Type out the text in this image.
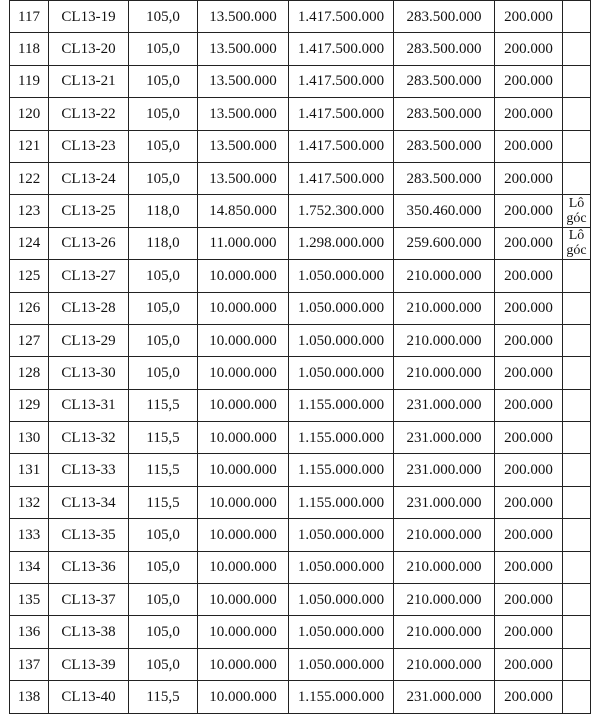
117	CL13-19	105,0	13.500.000	1.417.500.000	283.500.000	200.000	
118	CL13-20	105,0	13.500.000	1.417.500.000	283.500.000	200.000	
119	CL13-21	105,0	13.500.000	1.417.500.000	283.500.000	200.000	
120	CL13-22	105,0	13.500.000	1.417.500.000	283.500.000	200.000	
121	CL13-23	105,0	13.500.000	1.417.500.000	283.500.000	200.000	
122	CL13-24	105,0	13.500.000	1.417.500.000	283.500.000	200.000	
123	CL13-25	118,0	14.850.000	1.752.300.000	350.460.000	200.000	Lô góc
124	CL13-26	118,0	11.000.000	1.298.000.000	259.600.000	200.000	Lô góc
125	CL13-27	105,0	10.000.000	1.050.000.000	210.000.000	200.000	
126	CL13-28	105,0	10.000.000	1.050.000.000	210.000.000	200.000	
127	CL13-29	105,0	10.000.000	1.050.000.000	210.000.000	200.000	
128	CL13-30	105,0	10.000.000	1.050.000.000	210.000.000	200.000	
129	CL13-31	115,5	10.000.000	1.155.000.000	231.000.000	200.000	
130	CL13-32	115,5	10.000.000	1.155.000.000	231.000.000	200.000	
131	CL13-33	115,5	10.000.000	1.155.000.000	231.000.000	200.000	
132	CL13-34	115,5	10.000.000	1.155.000.000	231.000.000	200.000	
133	CL13-35	105,0	10.000.000	1.050.000.000	210.000.000	200.000	
134	CL13-36	105,0	10.000.000	1.050.000.000	210.000.000	200.000	
135	CL13-37	105,0	10.000.000	1.050.000.000	210.000.000	200.000	
136	CL13-38	105,0	10.000.000	1.050.000.000	210.000.000	200.000	
137	CL13-39	105,0	10.000.000	1.050.000.000	210.000.000	200.000	
138	CL13-40	115,5	10.000.000	1.155.000.000	231.000.000	200.000	
